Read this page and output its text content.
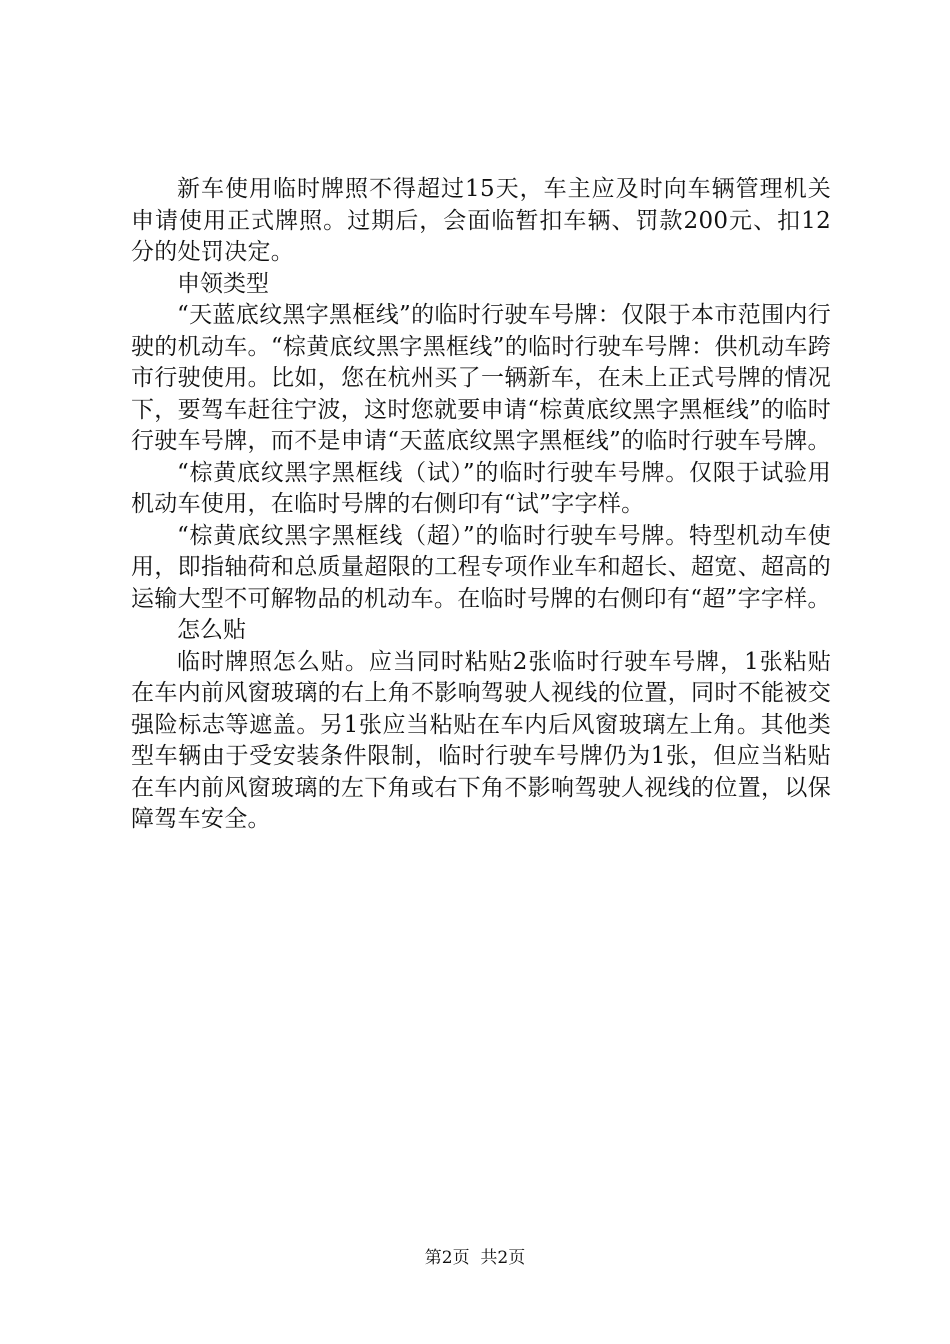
新车使用临时牌照不得超过15天，车主应及时向车辆管理机关申请使用正式牌照。过期后，会面临暂扣车辆、罚款200元、扣12分的处罚决定。

申领类型

“天蓝底纹黑字黑框线”的临时行驶车号牌：仅限于本市范围内行驶的机动车。“棕黄底纹黑字黑框线”的临时行驶车号牌：供机动车跨市行驶使用。比如，您在杭州买了一辆新车，在未上正式号牌的情况下，要驾车赶往宁波，这时您就要申请“棕黄底纹黑字黑框线”的临时行驶车号牌，而不是申请“天蓝底纹黑字黑框线”的临时行驶车号牌。

“棕黄底纹黑字黑框线（试）”的临时行驶车号牌。仅限于试验用机动车使用，在临时号牌的右侧印有“试”字字样。

“棕黄底纹黑字黑框线（超）”的临时行驶车号牌。特型机动车使用，即指轴荷和总质量超限的工程专项作业车和超长、超宽、超高的运输大型不可解物品的机动车。在临时号牌的右侧印有“超”字字样。

怎么贴

临时牌照怎么贴。应当同时粘贴2张临时行驶车号牌，1张粘贴在车内前风窗玻璃的右上角不影响驾驶人视线的位置，同时不能被交强险标志等遮盖。另1张应当粘贴在车内后风窗玻璃左上角。其他类型车辆由于受安装条件限制，临时行驶车号牌仍为1张，但应当粘贴在车内前风窗玻璃的左下角或右下角不影响驾驶人视线的位置，以保障驾车安全。

第2页  共2页
